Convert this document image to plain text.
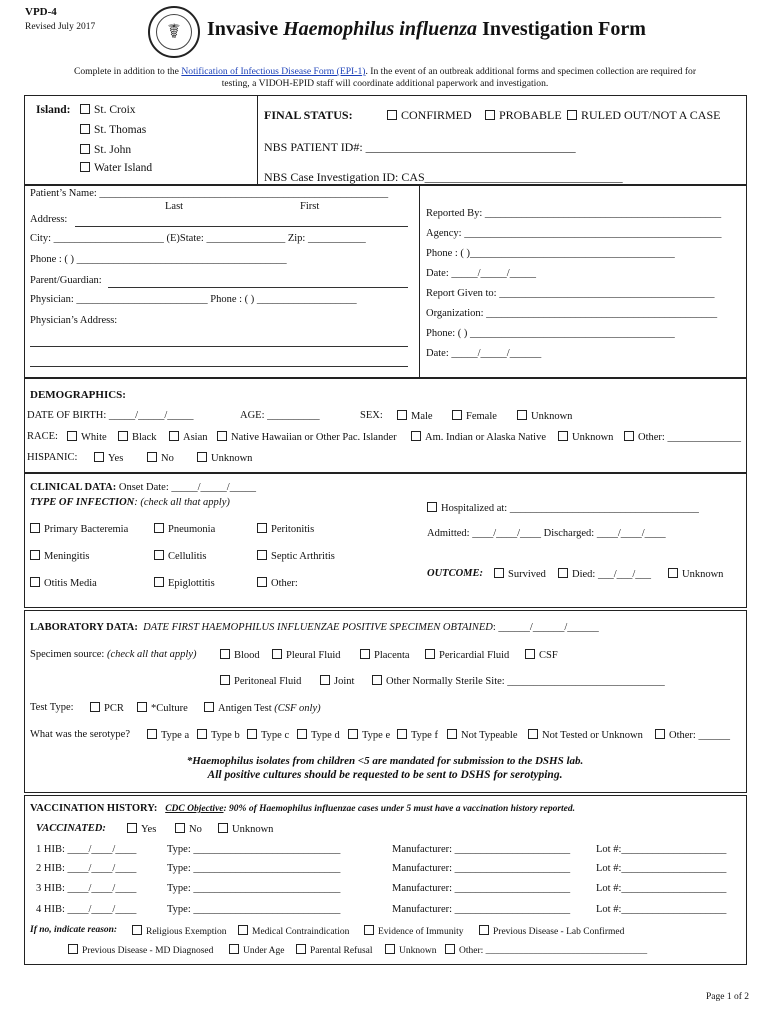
VPD-4
Revised July 2017	☤	Invasive Haemophilus influenza Investigation Form
Complete in addition to the Notification of Infectious Disease Form (EPI-1). In the event of an outbreak additional forms and specimen collection are required for
testing, a VIDOH-EPID staff will coordinate additional paperwork and investigation.
Island:	St. Croix
St. Thomas
St. John
Water Island
FINAL STATUS:	CONFIRMED	PROBABLE	RULED OUT/NOT A CASE
NBS PATIENT ID#: ___________________________________
NBS Case Investigation ID: CAS_________________________________
Patient’s Name: _______________________________________________________
Last	First
Address:
City: _____________________ (E)State: _______________ Zip: ___________
Phone : ( ) ________________________________________
Parent/Guardian:
Physician: _________________________ Phone : ( ) ___________________
Physician’s Address:
Reported By: _____________________________________________
Agency: _________________________________________________
Phone : ( )_______________________________________
Date: _____/_____/_____
Report Given to: _________________________________________
Organization: ____________________________________________
Phone: ( ) _______________________________________
Date: _____/_____/______
DEMOGRAPHICS:
DATE OF BIRTH: _____/_____/_____	AGE: __________	SEX:	Male	Female	Unknown
RACE:	White	Black	Asian	Native Hawaiian or Other Pac. Islander	Am. Indian or Alaska Native	Unknown	Other: ______________
HISPANIC:	Yes	No	Unknown
CLINICAL DATA: Onset Date: _____/_____/_____
TYPE OF INFECTION: (check all that apply)
Primary Bacteremia
Meningitis
Otitis Media
Pneumonia
Cellulitis
Epiglottitis
Peritonitis
Septic Arthritis
Other:
Hospitalized at: ____________________________________
Admitted: ____/____/____ Discharged: ____/____/____
OUTCOME:	Survived	Died: ___/___/___	Unknown
LABORATORY DATA: DATE FIRST HAEMOPHILUS INFLUENZAE POSITIVE SPECIMEN OBTAINED: ______/______/______
Specimen source: (check all that apply)	Blood	Pleural Fluid	Placenta	Pericardial Fluid	CSF
Peritoneal Fluid	Joint	Other Normally Sterile Site: ______________________________
Test Type:	PCR	*Culture	Antigen Test (CSF only)
What was the serotype?	Type a	Type b	Type c	Type d	Type e	Type f	Not Typeable	Not Tested or Unknown	Other: ______
*Haemophilus isolates from children <5 are mandated for submission to the DSHS lab.
All positive cultures should be requested to be sent to DSHS for serotyping.
VACCINATION HISTORY: CDC Objective: 90% of Haemophilus influenzae cases under 5 must have a vaccination history reported.
VACCINATED:	Yes	No	Unknown
1 HIB: ____/____/____	Type: ____________________________	Manufacturer: ______________________ Lot #:____________________
2 HIB: ____/____/____	Type: ____________________________	Manufacturer: ______________________ Lot #:____________________
3 HIB: ____/____/____	Type: ____________________________	Manufacturer: ______________________ Lot #:____________________
4 HIB: ____/____/____	Type: ____________________________	Manufacturer: ______________________ Lot #:____________________
If no, indicate reason:	Religious Exemption	Medical Contraindication	Evidence of Immunity	Previous Disease - Lab Confirmed
Previous Disease - MD Diagnosed	Under Age	Parental Refusal	Unknown	Other: __________________________________
Page 1 of 2
